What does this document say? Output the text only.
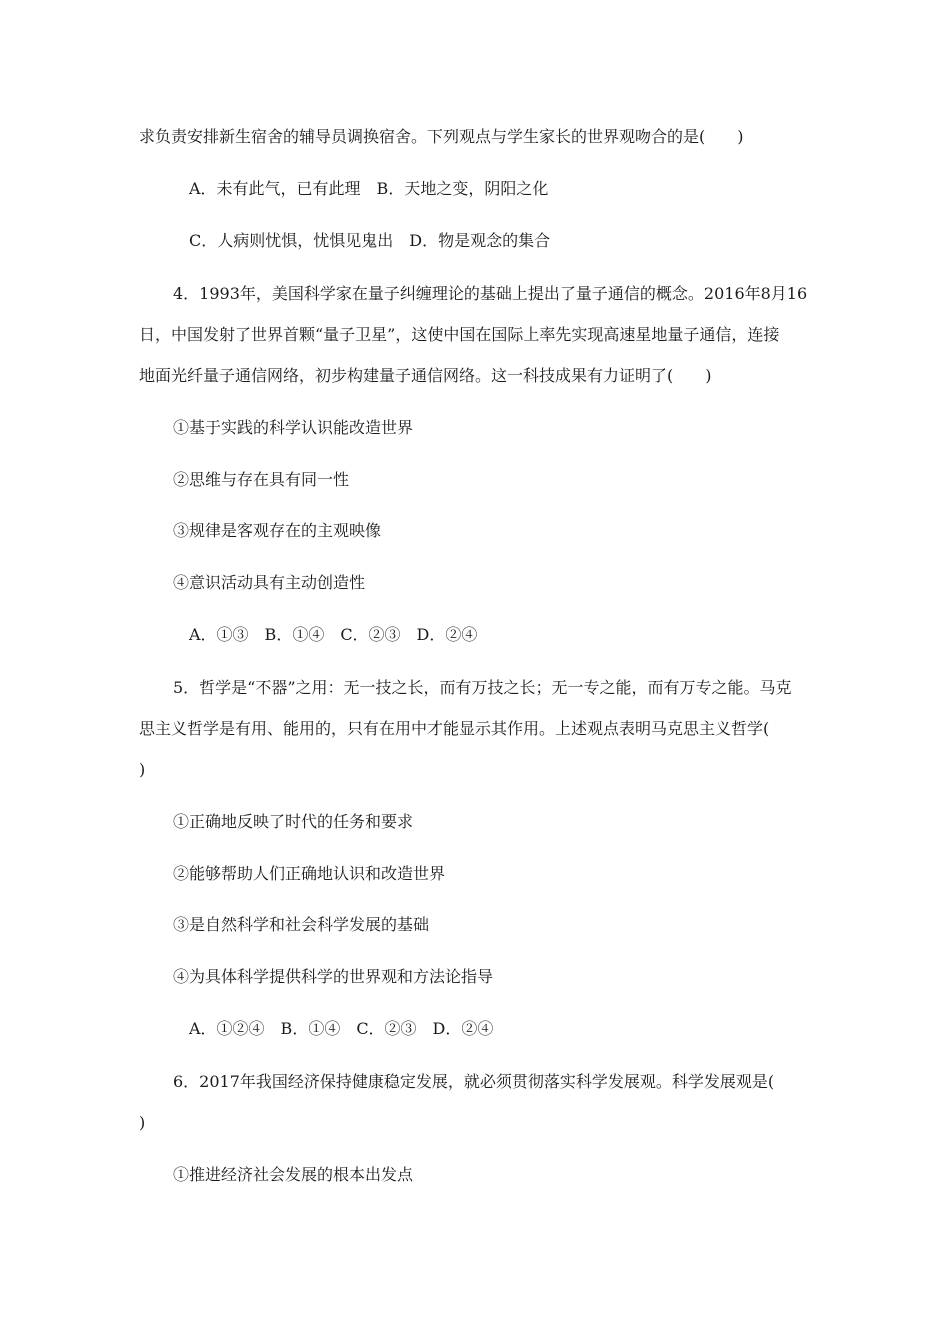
求负责安排新生宿舍的辅导员调换宿舍。下列观点与学生家长的世界观吻合的是(　　)
A．未有此气，已有此理　B．天地之变，阴阳之化
C．人病则忧惧，忧惧见鬼出　D．物是观念的集合
4．1993年，美国科学家在量子纠缠理论的基础上提出了量子通信的概念。2016年8月16
日，中国发射了世界首颗“量子卫星”，这使中国在国际上率先实现高速星地量子通信，连接
地面光纤量子通信网络，初步构建量子通信网络。这一科技成果有力证明了(　　)
①基于实践的科学认识能改造世界
②思维与存在具有同一性
③规律是客观存在的主观映像
④意识活动具有主动创造性
A．①③　B．①④　C．②③　D．②④
5．哲学是“不器”之用：无一技之长，而有万技之长；无一专之能，而有万专之能。马克
思主义哲学是有用、能用的，只有在用中才能显示其作用。上述观点表明马克思主义哲学(
)
①正确地反映了时代的任务和要求
②能够帮助人们正确地认识和改造世界
③是自然科学和社会科学发展的基础
④为具体科学提供科学的世界观和方法论指导
A．①②④　B．①④　C．②③　D．②④
6．2017年我国经济保持健康稳定发展，就必须贯彻落实科学发展观。科学发展观是(
)
①推进经济社会发展的根本出发点
